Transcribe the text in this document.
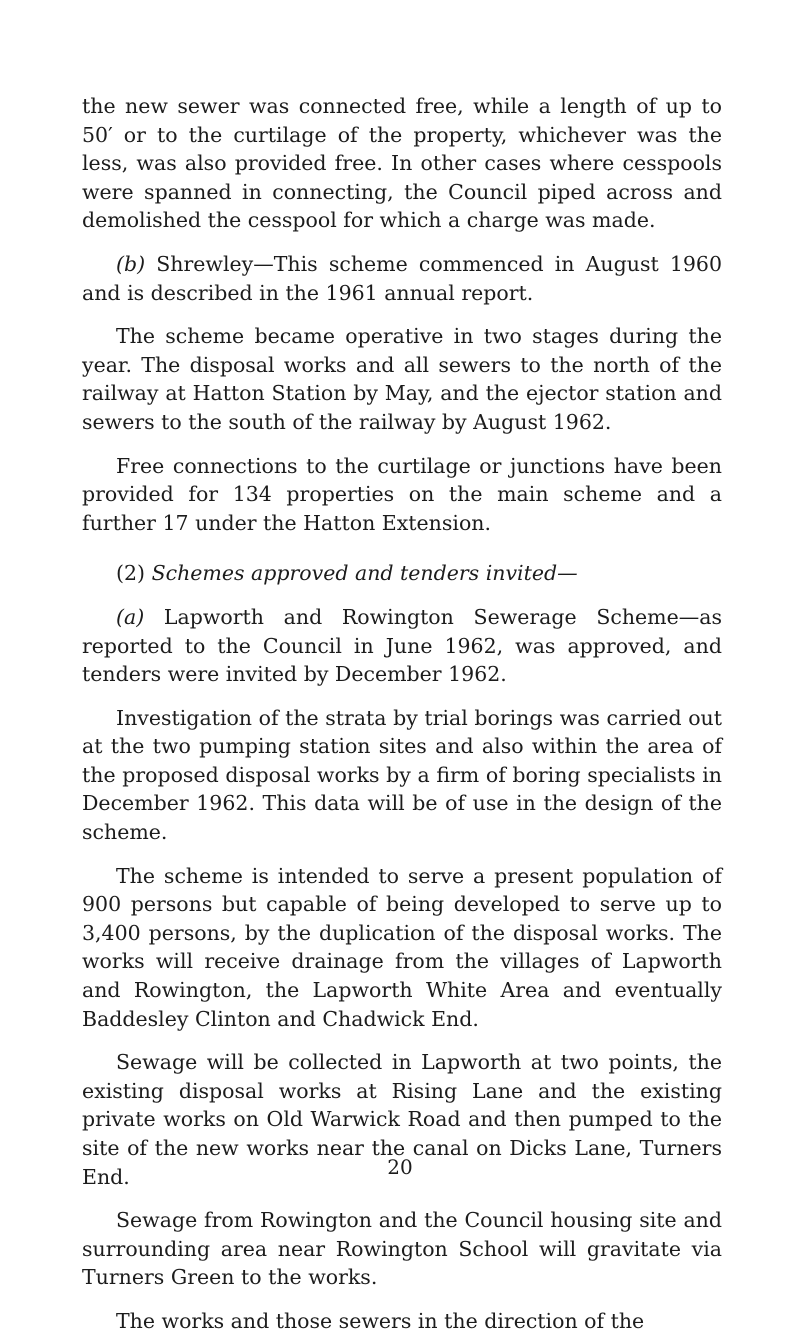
the new sewer was connected free, while a length of up to 50′ or to the curtilage of the property, whichever was the less, was also provided free. In other cases where cesspools were spanned in connecting, the Council piped across and demolished the cesspool for which a charge was made.

(b) Shrewley—This scheme commenced in August 1960 and is described in the 1961 annual report.

The scheme became operative in two stages during the year. The disposal works and all sewers to the north of the railway at Hatton Station by May, and the ejector station and sewers to the south of the railway by August 1962.

Free connections to the curtilage or junctions have been provided for 134 properties on the main scheme and a further 17 under the Hatton Extension.

(2) Schemes approved and tenders invited—

(a) Lapworth and Rowington Sewerage Scheme—as reported to the Council in June 1962, was approved, and tenders were invited by December 1962.

Investigation of the strata by trial borings was carried out at the two pumping station sites and also within the area of the proposed disposal works by a firm of boring specialists in December 1962. This data will be of use in the design of the scheme.

The scheme is intended to serve a present population of 900 persons but capable of being developed to serve up to 3,400 persons, by the duplication of the disposal works. The works will receive drainage from the villages of Lapworth and Rowington, the Lapworth White Area and eventually Baddesley Clinton and Chadwick End.

Sewage will be collected in Lapworth at two points, the existing disposal works at Rising Lane and the existing private works on Old Warwick Road and then pumped to the site of the new works near the canal on Dicks Lane, Turners End.

Sewage from Rowington and the Council housing site and surrounding area near Rowington School will gravitate via Turners Green to the works.

The works and those sewers in the direction of the

20
